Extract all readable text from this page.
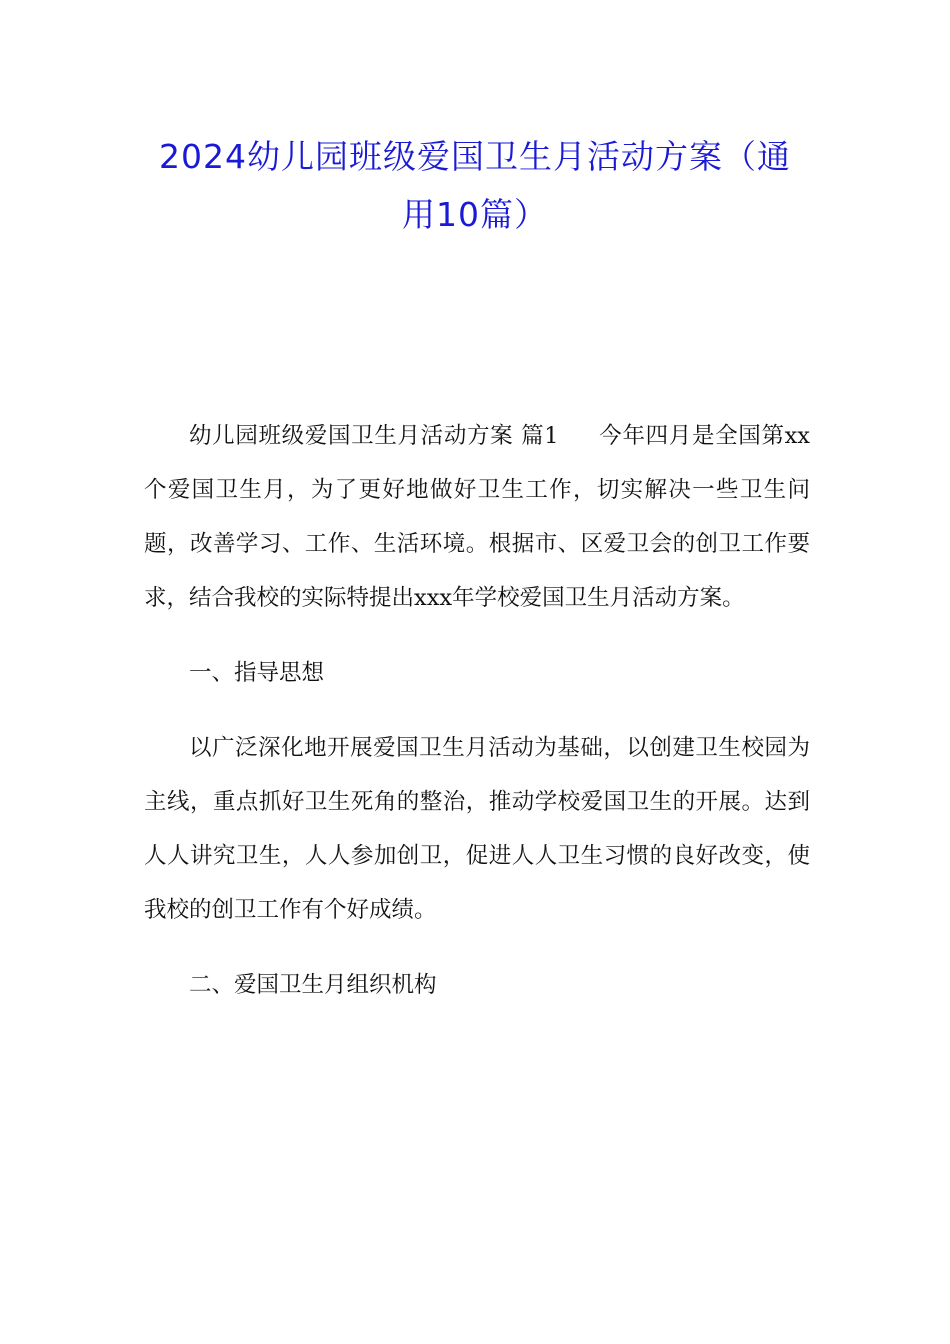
2024幼儿园班级爱国卫生月活动方案（通
用10篇）

幼儿园班级爱国卫生月活动方案 篇1 今年四月是全国第xx个爱国卫生月，为了更好地做好卫生工作，切实解决一些卫生问题，改善学习、工作、生活环境。根据市、区爱卫会的创卫工作要求，结合我校的实际特提出xxx年学校爱国卫生月活动方案。

一、指导思想

以广泛深化地开展爱国卫生月活动为基础，以创建卫生校园为主线，重点抓好卫生死角的整治，推动学校爱国卫生的开展。达到人人讲究卫生，人人参加创卫，促进人人卫生习惯的良好改变，使我校的创卫工作有个好成绩。

二、爱国卫生月组织机构
